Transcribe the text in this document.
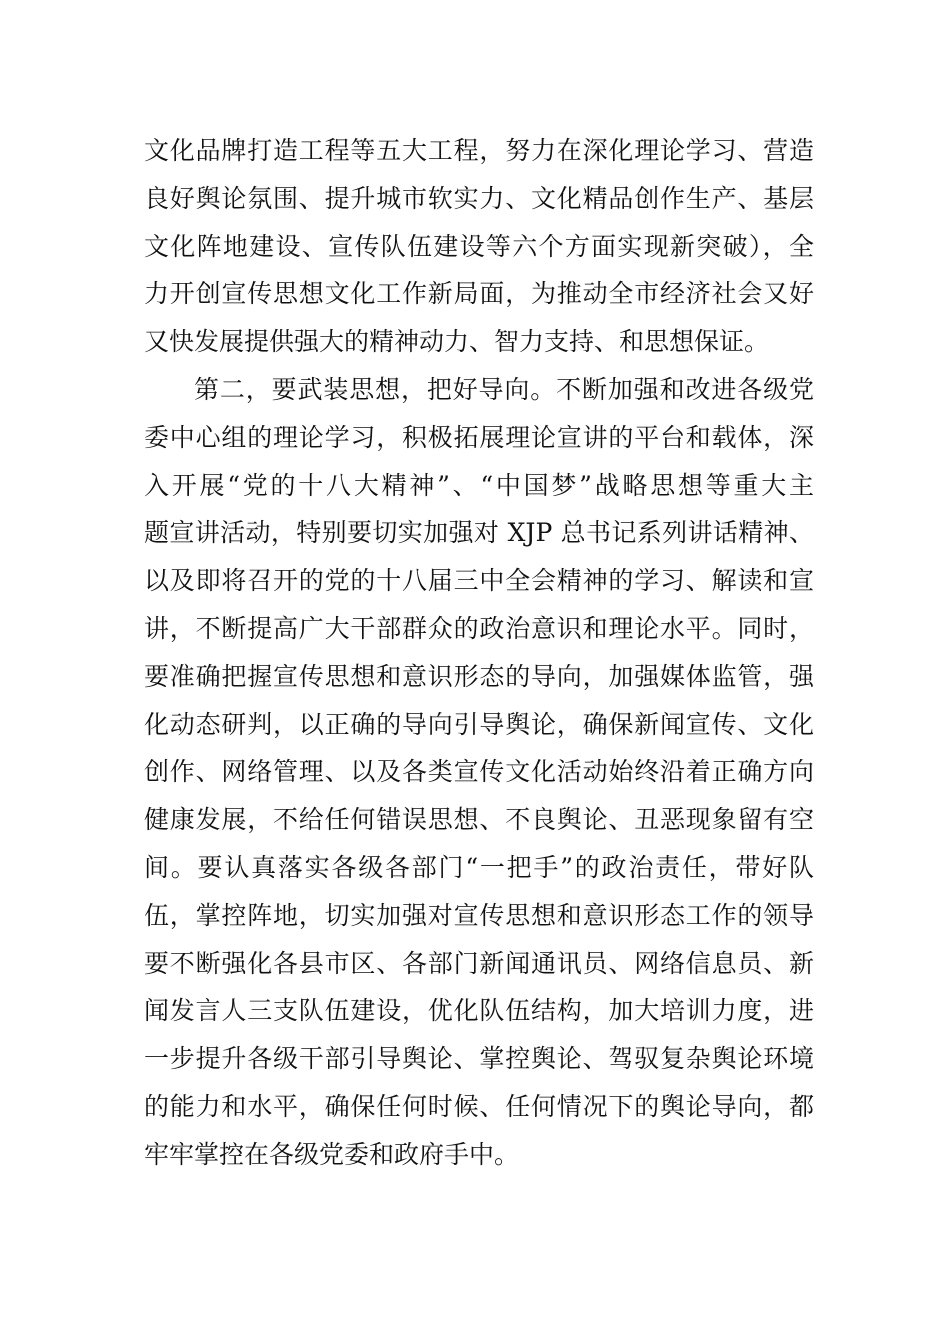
文化品牌打造工程等五大工程，努力在深化理论学习、营造
良好舆论氛围、提升城市软实力、文化精品创作生产、基层
文化阵地建设、宣传队伍建设等六个方面实现新突破），全
力开创宣传思想文化工作新局面，为推动全市经济社会又好
又快发展提供强大的精神动力、智力支持、和思想保证。
第二，要武装思想，把好导向。不断加强和改进各级党
委中心组的理论学习，积极拓展理论宣讲的平台和载体，深
入开展“党的十八大精神”、“中国梦”战略思想等重大主
题宣讲活动，特别要切实加强对 XJP 总书记系列讲话精神、
以及即将召开的党的十八届三中全会精神的学习、解读和宣
讲，不断提高广大干部群众的政治意识和理论水平。同时，
要准确把握宣传思想和意识形态的导向，加强媒体监管，强
化动态研判，以正确的导向引导舆论，确保新闻宣传、文化
创作、网络管理、以及各类宣传文化活动始终沿着正确方向
健康发展，不给任何错误思想、不良舆论、丑恶现象留有空
间。要认真落实各级各部门“一把手”的政治责任，带好队
伍，掌控阵地，切实加强对宣传思想和意识形态工作的领导
要不断强化各县市区、各部门新闻通讯员、网络信息员、新
闻发言人三支队伍建设，优化队伍结构，加大培训力度，进
一步提升各级干部引导舆论、掌控舆论、驾驭复杂舆论环境
的能力和水平，确保任何时候、任何情况下的舆论导向，都
牢牢掌控在各级党委和政府手中。
